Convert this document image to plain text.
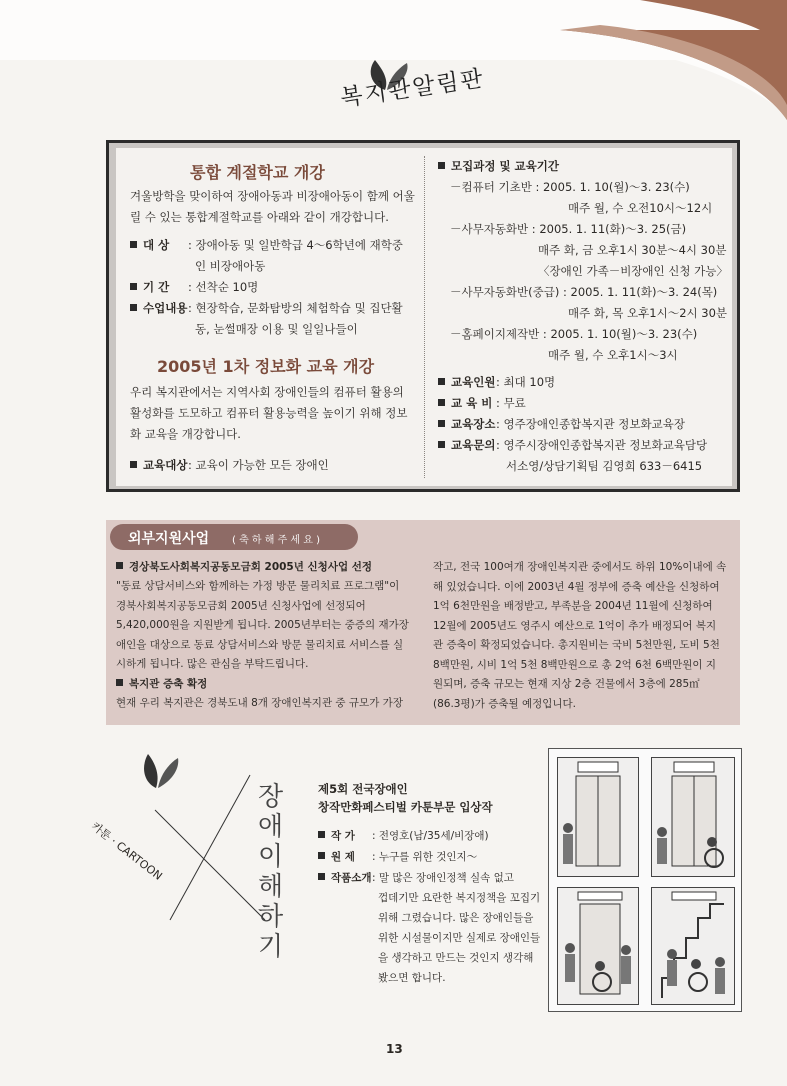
복지관알림판
통합 계절학교 개강
겨울방학을 맞이하여 장애아동과 비장애아동이 함께 어울
릴 수 있는 통합계절학교를 아래와 같이 개강합니다.
대 상 : 장애아동 및 일반학급 4～6학년에 재학중
인 비장애아동
기 간 : 선착순 10명
수업내용 : 현장학습, 문화탐방의 체험학습 및 집단활
동, 눈썰매장 이용 및 일일나들이
2005년 1차 정보화 교육 개강
우리 복지관에서는 지역사회 장애인들의 컴퓨터 활용의
활성화를 도모하고 컴퓨터 활용능력을 높이기 위해 정보
화 교육을 개강합니다.
교육대상 : 교육이 가능한 모든 장애인
모집과정 및 교육기간
－컴퓨터 기초반 : 2005. 1. 10(월)～3. 23(수)
매주 월, 수 오전10시～12시
－사무자동화반 : 2005. 1. 11(화)～3. 25(금)
매주 화, 금 오후1시 30분～4시 30분
〈장애인 가족－비장애인 신청 가능〉
－사무자동화반(중급) : 2005. 1. 11(화)～3. 24(목)
매주 화, 목 오후1시～2시 30분
－홈페이지제작반 : 2005. 1. 10(월)～3. 23(수)
매주 월, 수 오후1시～3시
교육인원 : 최대 10명
교 육 비 : 무료
교육장소 : 영주장애인종합복지관 정보화교육장
교육문의 : 영주시장애인종합복지관 정보화교육담당
서소영/상담기획팀 김영희 633－6415
외부지원사업 ( 축 하 해 주 세 요 )
경상북도사회복지공동모금회 2005년 신청사업 선정
"동료 상담서비스와 함께하는 가정 방문 물리치료 프로그램"이
경북사회복지공동모금회 2005년 신청사업에 선정되어
5,420,000원을 지원받게 됩니다. 2005년부터는 중증의 재가장
애인을 대상으로 동료 상담서비스와 방문 물리치료 서비스를 실
시하게 됩니다. 많은 관심을 부탁드립니다.
복지관 증축 확정
현재 우리 복지관은 경북도내 8개 장애인복지관 중 규모가 가장
작고, 전국 100여개 장애인복지관 중에서도 하위 10%이내에 속
해 있었습니다. 이에 2003년 4월 정부에 증축 예산을 신청하여
1억 6천만원을 배정받고, 부족분을 2004년 11월에 신청하여
12월에 2005년도 영주시 예산으로 1억이 추가 배정되어 복지
관 증축이 확정되었습니다. 총지원비는 국비 5천만원, 도비 5천
8백만원, 시비 1억 5천 8백만원으로 총 2억 6천 6백만원이 지
원되며, 증축 규모는 현재 지상 2층 건물에서 3층에 285㎡
(86.3평)가 증축될 예정입니다.
카툰 · CARTOON
장애이해하기
제5회 전국장애인
창작만화페스티벌 카툰부문 입상작
작 가 : 전영호(남/35세/비장애)
원 제 : 누구를 위한 것인지～
작품소개 : 말 많은 장애인정책 실속 없고
껍데기만 요란한 복지정책을 꼬집기
위해 그렸습니다. 많은 장애인들을
위한 시설물이지만 실제로 장애인들
을 생각하고 만드는 것인지 생각해
봤으면 합니다.
13
